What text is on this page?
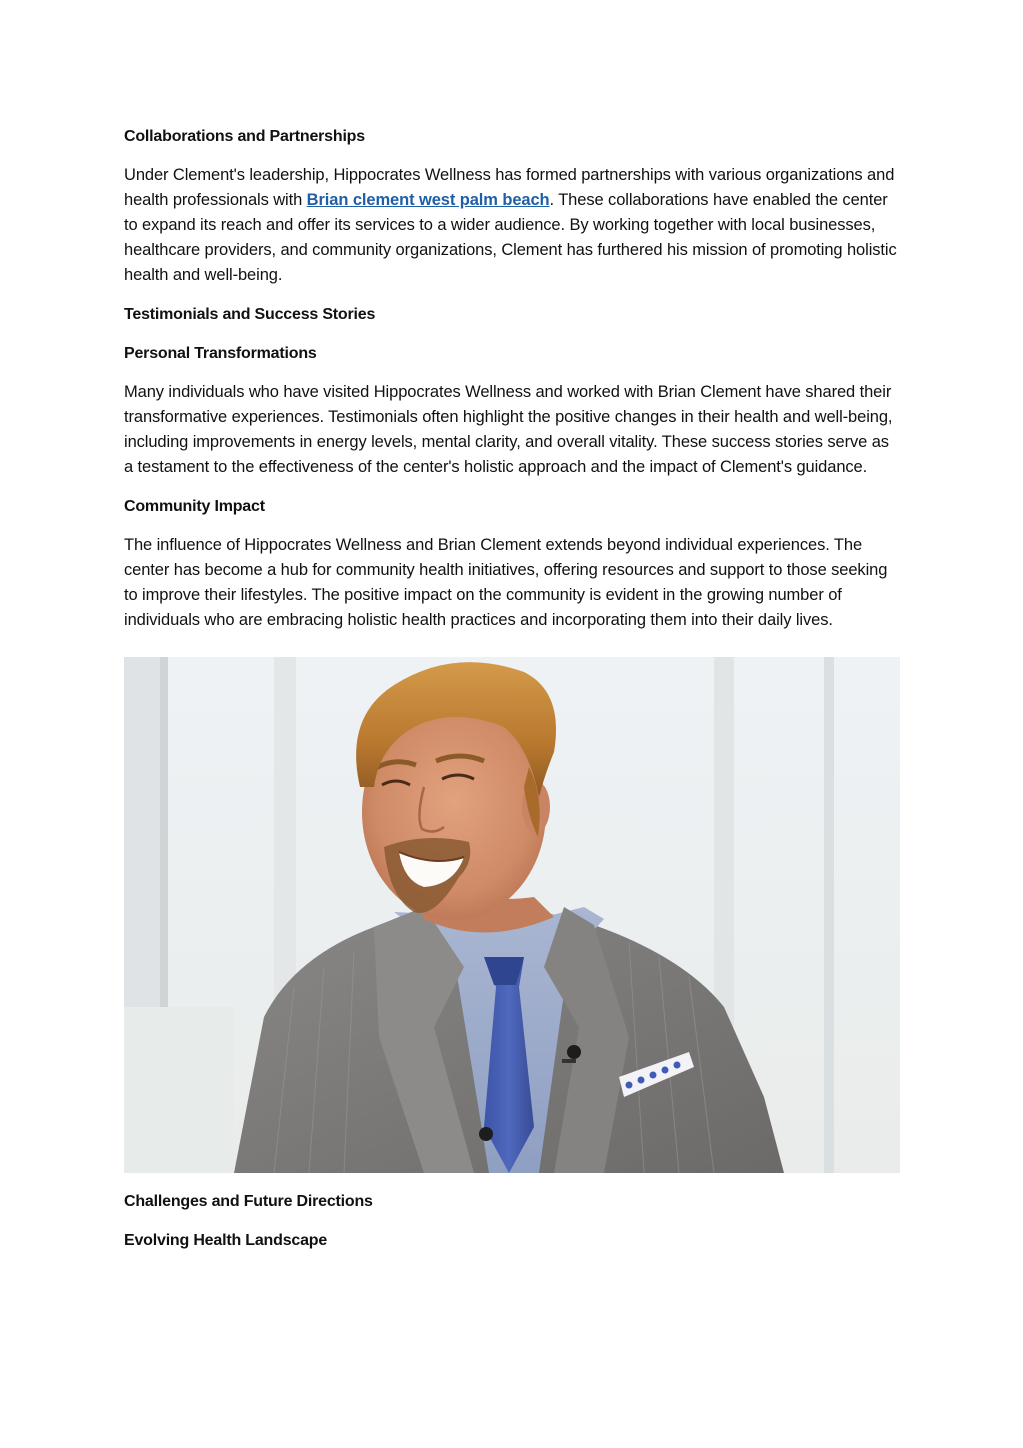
Collaborations and Partnerships

Under Clement's leadership, Hippocrates Wellness has formed partnerships with various organizations and health professionals with Brian clement west palm beach. These collaborations have enabled the center to expand its reach and offer its services to a wider audience. By working together with local businesses, healthcare providers, and community organizations, Clement has furthered his mission of promoting holistic health and well-being.

Testimonials and Success Stories
Personal Transformations

Many individuals who have visited Hippocrates Wellness and worked with Brian Clement have shared their transformative experiences. Testimonials often highlight the positive changes in their health and well-being, including improvements in energy levels, mental clarity, and overall vitality. These success stories serve as a testament to the effectiveness of the center's holistic approach and the impact of Clement's guidance.

Community Impact

The influence of Hippocrates Wellness and Brian Clement extends beyond individual experiences. The center has become a hub for community health initiatives, offering resources and support to those seeking to improve their lifestyles. The positive impact on the community is evident in the growing number of individuals who are embracing holistic health practices and incorporating them into their daily lives.

Challenges and Future Directions
Evolving Health Landscape
